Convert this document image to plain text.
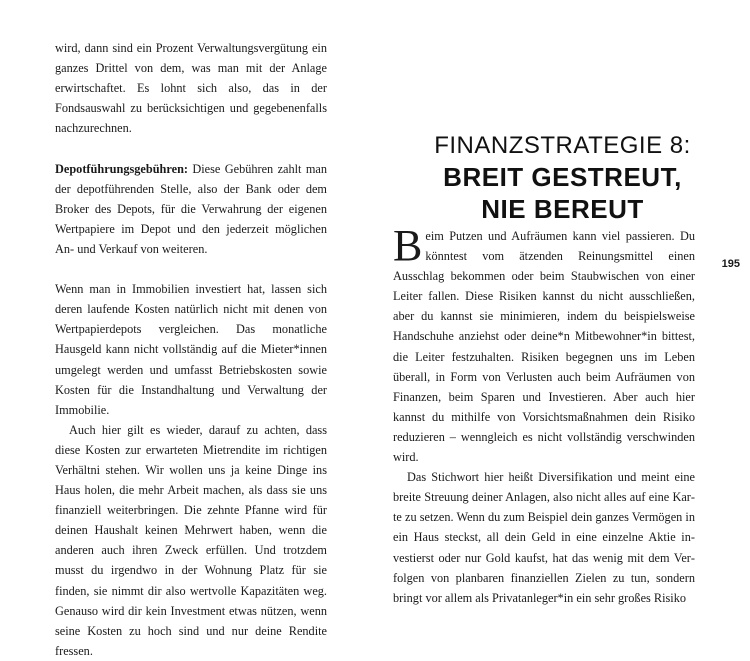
wird, dann sind ein Prozent Verwaltungsvergütung ein ganzes Drittel von dem, was man mit der Anlage erwirtschaftet. Es lohnt sich also, das in der Fondsauswahl zu berücksichtigen und gegebenenfalls nachzurechnen.

Depotführungsgebühren: Diese Gebühren zahlt man der depotführenden Stelle, also der Bank oder dem Broker des Depots, für die Verwahrung der eigenen Wertpapiere im Depot und den jederzeit möglichen An- und Verkauf von weiteren.

Wenn man in Immobilien investiert hat, lassen sich deren laufende Kosten natürlich nicht mit denen von Wertpapierdepots vergleichen. Das monatliche Hausgeld kann nicht vollständig auf die Mieter*innen umgelegt werden und umfasst Betriebskosten sowie Kosten für die Instandhaltung und Verwaltung der Immobilie.

Auch hier gilt es wieder, darauf zu achten, dass diese Kosten zur erwarteten Mietrendite im richtigen Verhältni stehen. Wir wollen uns ja keine Dinge ins Haus holen, die mehr Arbeit machen, als dass sie uns finanziell weiterbringen. Die zehnte Pfanne wird für deinen Haushalt keinen Mehrwert haben, wenn die anderen auch ihren Zweck erfüllen. Und trotzdem musst du irgendwo in der Wohnung Platz für sie finden, sie nimmt dir also wertvolle Kapazitäten weg. Genauso wird dir kein Investment etwas nützen, wenn seine Kosten zu hoch sind und nur deine Rendite fressen.

FINANZSTRATEGIE 8:
BREIT GESTREUT,
NIE BEREUT

Beim Putzen und Aufräumen kann viel passieren. Du könntest vom ätzenden Reinungsmittel einen Ausschlag bekommen oder beim Staubwischen von einer Leiter fallen. Diese Risiken kannst du nicht ausschließen, aber du kannst sie minimieren, indem du beispielsweise Handschuhe anziehst oder deine*n Mitbewohner*in bittest, die Leiter festzuhalten. Risiken begegnen uns im Leben überall, in Form von Verlusten auch beim Aufräumen von Finanzen, beim Sparen und Investieren. Aber auch hier kannst du mithilfe von Vorsichtsmaßnahmen dein Risiko reduzieren – wenngleich es nicht vollständig verschwinden wird.

Das Stichwort hier heißt Diversifikation und meint eine breite Streuung deiner Anlagen, also nicht alles auf eine Karte zu setzen. Wenn du zum Beispiel dein ganzes Vermögen in ein Haus steckst, all dein Geld in eine einzelne Aktie investierst oder nur Gold kaufst, hat das wenig mit dem Verfolgen von planbaren finanziellen Zielen zu tun, sondern bringt vor allem als Privatanleger*in ein sehr großes Risiko

195
